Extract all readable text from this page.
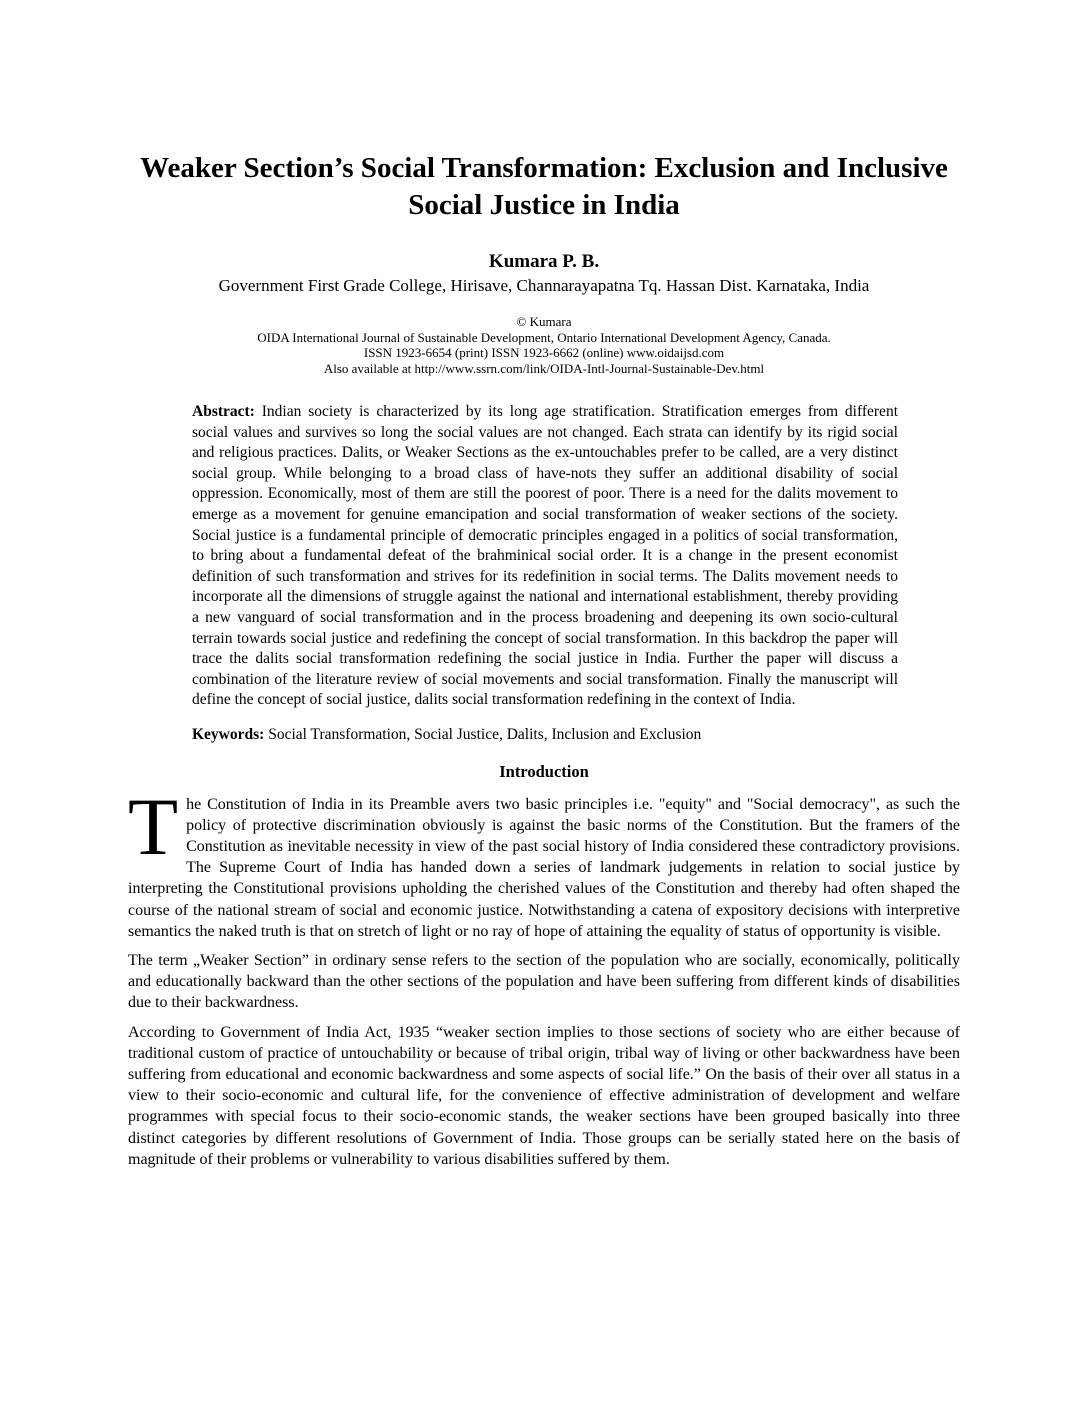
Weaker Section’s Social Transformation: Exclusion and Inclusive Social Justice in India
Kumara P. B.
Government First Grade College, Hirisave, Channarayapatna Tq. Hassan Dist. Karnataka, India
© Kumara
OIDA International Journal of Sustainable Development, Ontario International Development Agency, Canada.
ISSN 1923-6654 (print) ISSN 1923-6662 (online) www.oidaijsd.com
Also available at http://www.ssrn.com/link/OIDA-Intl-Journal-Sustainable-Dev.html

Abstract: Indian society is characterized by its long age stratification. Stratification emerges from different social values and survives so long the social values are not changed. Each strata can identify by its rigid social and religious practices. Dalits, or Weaker Sections as the ex-untouchables prefer to be called, are a very distinct social group. While belonging to a broad class of have-nots they suffer an additional disability of social oppression. Economically, most of them are still the poorest of poor. There is a need for the dalits movement to emerge as a movement for genuine emancipation and social transformation of weaker sections of the society. Social justice is a fundamental principle of democratic principles engaged in a politics of social transformation, to bring about a fundamental defeat of the brahminical social order. It is a change in the present economist definition of such transformation and strives for its redefinition in social terms. The Dalits movement needs to incorporate all the dimensions of struggle against the national and international establishment, thereby providing a new vanguard of social transformation and in the process broadening and deepening its own socio-cultural terrain towards social justice and redefining the concept of social transformation. In this backdrop the paper will trace the dalits social transformation redefining the social justice in India. Further the paper will discuss a combination of the literature review of social movements and social transformation. Finally the manuscript will define the concept of social justice, dalits social transformation redefining in the context of India.

Keywords: Social Transformation, Social Justice, Dalits, Inclusion and Exclusion

Introduction

The Constitution of India in its Preamble avers two basic principles i.e. "equity" and "Social democracy", as such the policy of protective discrimination obviously is against the basic norms of the Constitution. But the framers of the Constitution as inevitable necessity in view of the past social history of India considered these contradictory provisions. The Supreme Court of India has handed down a series of landmark judgements in relation to social justice by interpreting the Constitutional provisions upholding the cherished values of the Constitution and thereby had often shaped the course of the national stream of social and economic justice. Notwithstanding a catena of expository decisions with interpretive semantics the naked truth is that on stretch of light or no ray of hope of attaining the equality of status of opportunity is visible.

The term „Weaker Section” in ordinary sense refers to the section of the population who are socially, economically, politically and educationally backward than the other sections of the population and have been suffering from different kinds of disabilities due to their backwardness.

According to Government of India Act, 1935 “weaker section implies to those sections of society who are either because of traditional custom of practice of untouchability or because of tribal origin, tribal way of living or other backwardness have been suffering from educational and economic backwardness and some aspects of social life.” On the basis of their over all status in a view to their socio-economic and cultural life, for the convenience of effective administration of development and welfare programmes with special focus to their socio-economic stands, the weaker sections have been grouped basically into three distinct categories by different resolutions of Government of India. Those groups can be serially stated here on the basis of magnitude of their problems or vulnerability to various disabilities suffered by them.
